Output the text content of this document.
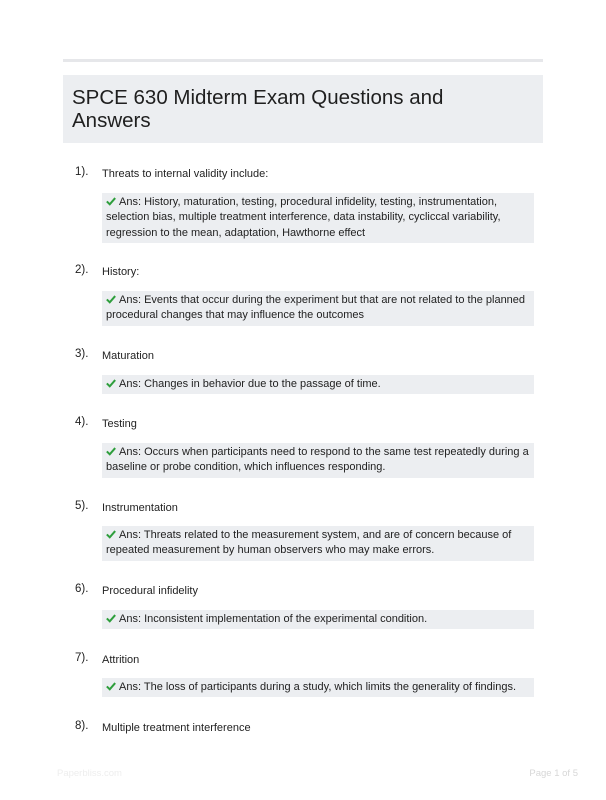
SPCE 630 Midterm Exam Questions and Answers
1). Threats to internal validity include:
Ans: History, maturation, testing, procedural infidelity, testing, instrumentation, selection bias, multiple treatment interference, data instability, cycliccal variability, regression to the mean, adaptation, Hawthorne effect
2). History:
Ans: Events that occur during the experiment but that are not related to the planned procedural changes that may influence the outcomes
3). Maturation
Ans: Changes in behavior due to the passage of time.
4). Testing
Ans: Occurs when participants need to respond to the same test repeatedly during a baseline or probe condition, which influences responding.
5). Instrumentation
Ans: Threats related to the measurement system, and are of concern because of repeated measurement by human observers who may make errors.
6). Procedural infidelity
Ans: Inconsistent implementation of the experimental condition.
7). Attrition
Ans: The loss of participants during a study, which limits the generality of findings.
8). Multiple treatment interference
Paperbliss.com	Page 1 of 5
